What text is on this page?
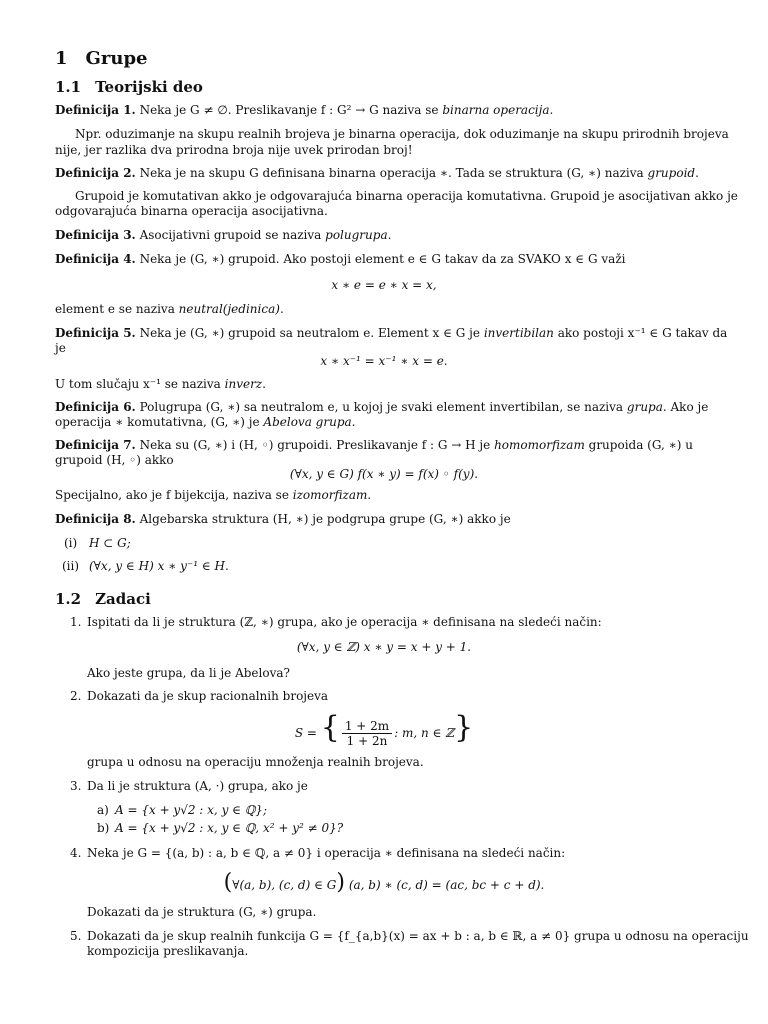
1 Grupe
1.1 Teorijski deo
Definicija 1. Neka je G ≠ ∅. Preslikavanje f : G² → G naziva se binarna operacija.
Npr. oduzimanje na skupu realnih brojeva je binarna operacija, dok oduzimanje na skupu prirodnih brojeva
nije, jer razlika dva prirodna broja nije uvek prirodan broj!
Definicija 2. Neka je na skupu G definisana binarna operacija ∗. Tada se struktura (G, ∗) naziva grupoid.
Grupoid je komutativan akko je odgovarajuća binarna operacija komutativna. Grupoid je asocijativan akko je
odgovarajuća binarna operacija asocijativna.
Definicija 3. Asocijativni grupoid se naziva polugrupa.
Definicija 4. Neka je (G, ∗) grupoid. Ako postoji element e ∈ G takav da za SVAKO x ∈ G važi
x ∗ e = e ∗ x = x,
element e se naziva neutral(jedinica).
Definicija 5. Neka je (G, ∗) grupoid sa neutralom e. Element x ∈ G je invertibilan ako postoji x⁻¹ ∈ G takav da
je
x ∗ x⁻¹ = x⁻¹ ∗ x = e.
U tom slučaju x⁻¹ se naziva inverz.
Definicija 6. Polugrupa (G, ∗) sa neutralom e, u kojoj je svaki element invertibilan, se naziva grupa. Ako je
operacija ∗ komutativna, (G, ∗) je Abelova grupa.
Definicija 7. Neka su (G, ∗) i (H, ◦) grupoidi. Preslikavanje f : G → H je homomorfizam grupoida (G, ∗) u
grupoid (H, ◦) akko
(∀x, y ∈ G) f(x ∗ y) = f(x) ◦ f(y).
Specijalno, ako je f bijekcija, naziva se izomorfizam.
Definicija 8. Algebarska struktura (H, ∗) je podgrupa grupe (G, ∗) akko je
(i) H ⊂ G;
(ii) (∀x, y ∈ H) x ∗ y⁻¹ ∈ H.
1.2 Zadaci
1. Ispitati da li je struktura (ℤ, ∗) grupa, ako je operacija ∗ definisana na sledeći način:
(∀x, y ∈ ℤ) x ∗ y = x + y + 1.
Ako jeste grupa, da li je Abelova?
2. Dokazati da je skup racionalnih brojeva
S = { $\frac{1 + 2m}{1 + 2n}$ : m, n ∈ ℤ}
grupa u odnosu na operaciju množenja realnih brojeva.
3. Da li je struktura (A, ·) grupa, ako je
a) A = {x + y√2 : x, y ∈ ℚ};
b) A = {x + y√2 : x, y ∈ ℚ, x² + y² ≠ 0}?
4. Neka je G = {(a, b) : a, b ∈ ℚ, a ≠ 0} i operacija ∗ definisana na sledeći način:
(∀(a, b), (c, d) ∈ G) (a, b) ∗ (c, d) = (ac, bc + c + d).
Dokazati da je struktura (G, ∗) grupa.
5. Dokazati da je skup realnih funkcija G = {f_{a,b}(x) = ax + b : a, b ∈ ℝ, a ≠ 0} grupa u odnosu na operaciju
kompozicija preslikavanja.
